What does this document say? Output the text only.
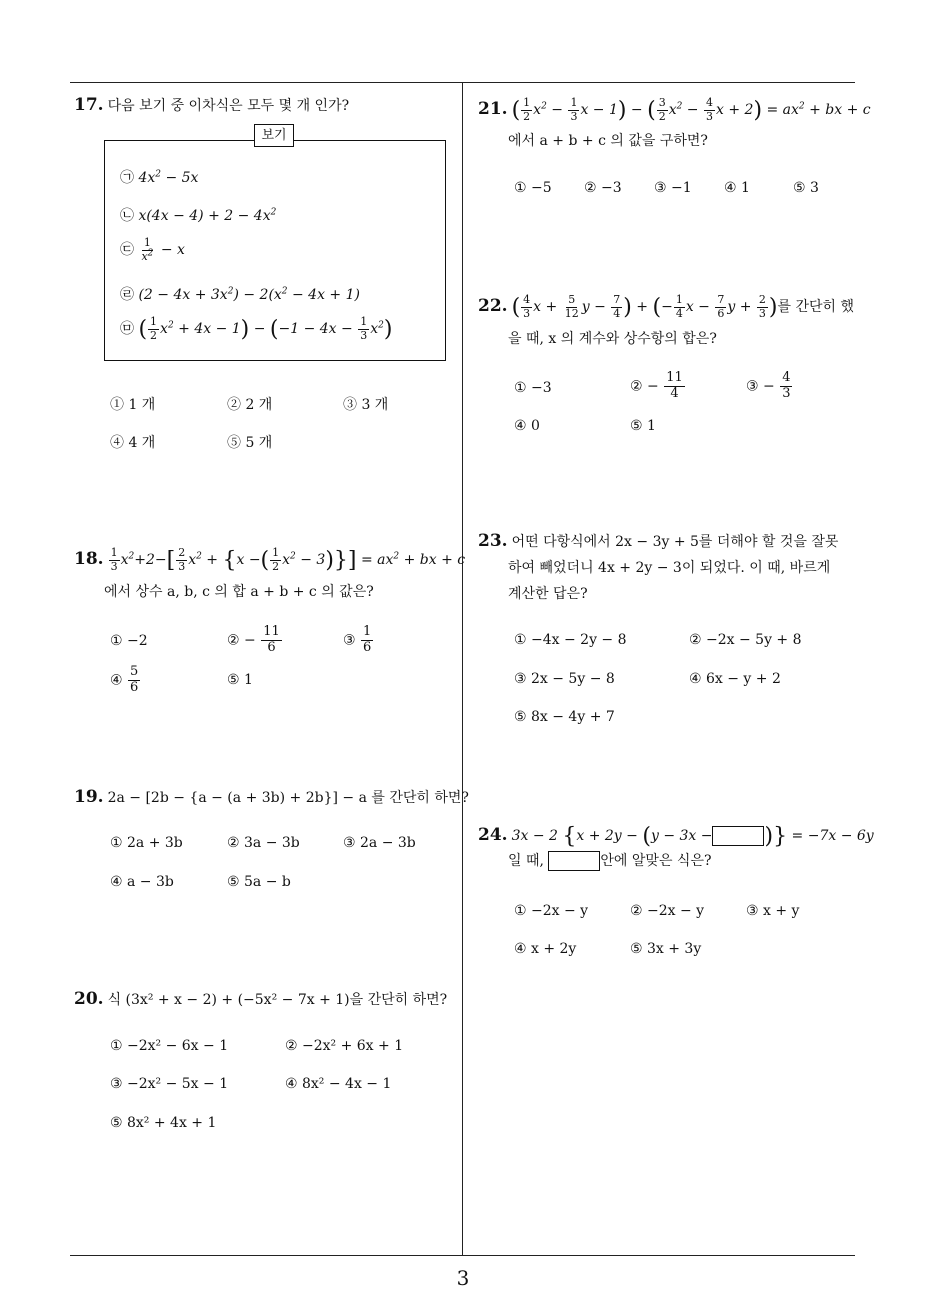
17. 다음 보기 중 이차식은 모두 몇 개 인가?
보기
㉠ $4x^2 - 5x$
㉡ $x(4x - 4) + 2 - 4x^2$
㉢ $\frac{1}{x^2} - x$
㉣ $(2 - 4x + 3x^2) - 2(x^2 - 4x + 1)$
㉤ ( $\frac{1}{2} x^2 + 4x - 1) - (-1 - 4x - \frac{1}{3} x^2)$
① 1 개	② 2 개	③ 3 개
④ 4 개	⑤ 5 개
18. $\frac{1}{3} x^2+2-[ \frac{2}{3} x^2 + \{x$ −( $\frac{1}{2} x^2 - 3)\}] = ax^2$ + bx + c
에서 상수 a, b, c 의 합 a + b + c 의 값은?
① −2	② − $\frac{11}{6}$	③ $\frac{1}{6}$
④ $\frac{5}{6}$	⑤ 1
19. 2a − [2b − {a − (a + 3b) + 2b}] − a 를 간단히 하면?
① 2a + 3b	② 3a − 3b	③ 2a − 3b
④ a − 3b	⑤ 5a − b
20. 식 (3x² + x − 2) + (−5x² − 7x + 1)을 간단히 하면?
① −2x² − 6x − 1	② −2x² + 6x + 1
③ −2x² − 5x − 1	④ 8x² − 4x − 1
⑤ 8x² + 4x + 1
21. ( $\frac{1}{2} x^2 - \frac{1}{3}$ x − 1) − ( $\frac{3}{2} x^2 - \frac{4}{3}$ $x + 2) = ax^2$ + bx + c
에서 a + b + c 의 값을 구하면?
① −5 ② −3 ③ −1 ④ 1	⑤ 3
22. ( $\frac{4}{3}$ $x + \frac{5}{12}$ $y - \frac{7}{4}$ ) + (− $\frac{1}{4}$ $x - \frac{7}{6}$ $y + \frac{2}{3}$ )를 간단히 했
을 때, x 의 계수와 상수항의 합은?
① −3	② − $\frac{11}{4}$	③ − $\frac{4}{3}$
④ 0	⑤ 1
23. 어떤 다항식에서 2x − 3y + 5를 더해야 할 것을 잘못
하여 빼었더니 4x + 2y − 3이 되었다. 이 때, 바르게
계산한 답은?
① −4x − 2y − 8	② −2x − 5y + 8
③ 2x − 5y − 8	④ 6x − y + 2
⑤ 8x − 4y + 7
24. 3x − 2 {x + 2y − (y − 3x − )} = −7x − 6y
일 때,	안에 알맞은 식은?
① −2x − y	② −2x − y	③ x + y
④ x + 2y	⑤ 3x + 3y
3
